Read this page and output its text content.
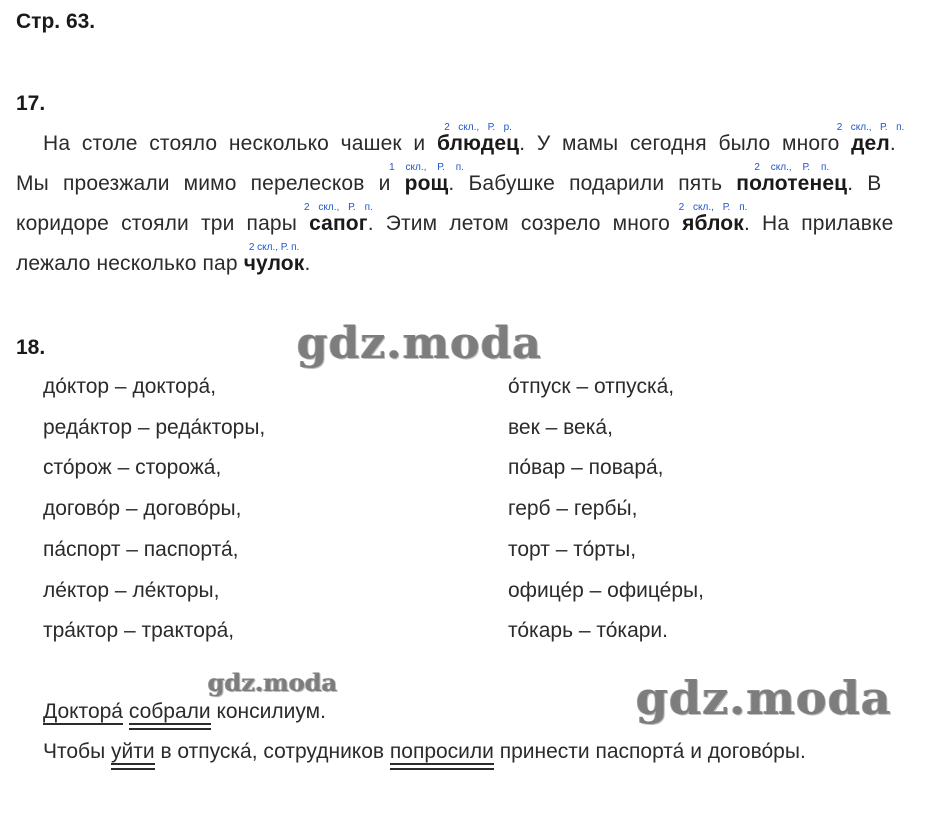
Стр. 63.
17.
На столе стояло несколько чашек и
2 скл., Р. р.
блюдец. У мамы сегодня было много
2 скл., Р. п.
дел.
Мы проезжали мимо перелесков и
1 скл., Р. п.
рощ. Бабушке подарили пять
2 скл., Р. п.
полотенец. В
коридоре стояли три пары
2 скл., Р. п.
сапог. Этим летом созрело много
2 скл., Р. п.
яблок. На прилавке
лежало несколько пар
2 скл., Р. п.
чулок.
gdz.moda
gdz.moda	gdz.moda
18.
до́ктор – доктора́,
реда́ктор – реда́кторы,
сто́рож – сторожа́,
догово́р – догово́ры,
па́спорт – паспорта́,
ле́ктор – ле́кторы,
тра́ктор – трактора́,
о́тпуск – отпуска́,
век – века́,
по́вар – повара́,
герб – гербы́,
торт – то́рты,
офице́р – офице́ры,
то́карь – то́кари.
Доктора́ собрали консилиум.
Чтобы уйти в отпуска́, сотрудников попросили принести паспорта́ и догово́ры.
